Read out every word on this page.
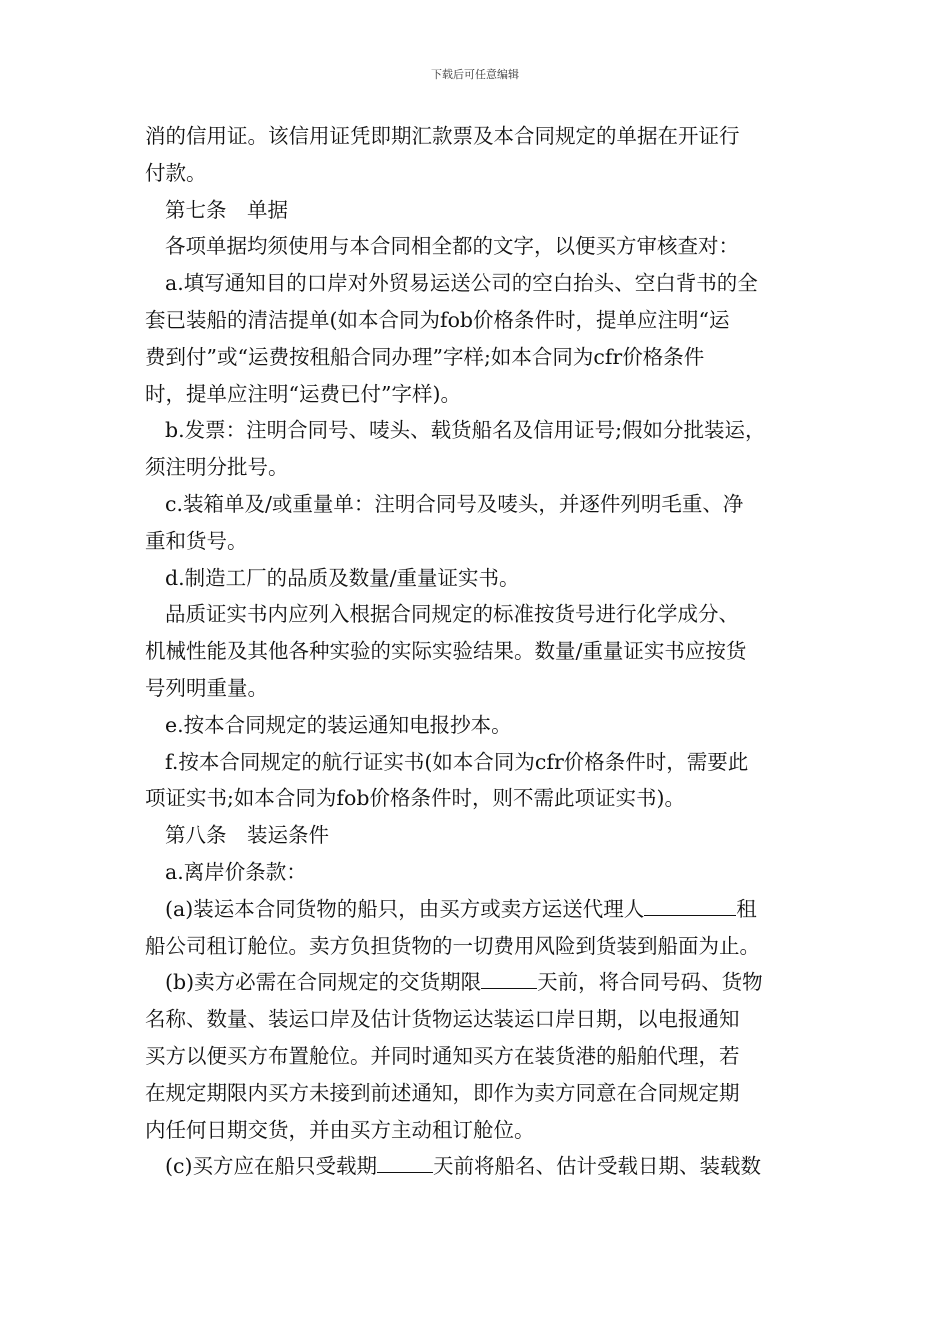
下载后可任意编辑

消的信用证。该信用证凭即期汇款票及本合同规定的单据在开证行

付款。

第七条　单据

各项单据均须使用与本合同相全都的文字，以便买方审核查对：

a.填写通知目的口岸对外贸易运送公司的空白抬头、空白背书的全

套已装船的清洁提单(如本合同为fob价格条件时，提单应注明“运

费到付”或“运费按租船合同办理”字样;如本合同为cfr价格条件

时，提单应注明“运费已付”字样)。

b.发票：注明合同号、唛头、载货船名及信用证号;假如分批装运，

须注明分批号。

c.装箱单及/或重量单：注明合同号及唛头，并逐件列明毛重、净

重和货号。

d.制造工厂的品质及数量/重量证实书。

品质证实书内应列入根据合同规定的标准按货号进行化学成分、

机械性能及其他各种实验的实际实验结果。数量/重量证实书应按货

号列明重量。

e.按本合同规定的装运通知电报抄本。

f.按本合同规定的航行证实书(如本合同为cfr价格条件时，需要此

项证实书;如本合同为fob价格条件时，则不需此项证实书)。

第八条　装运条件

a.离岸价条款：

(a)装运本合同货物的船只，由买方或卖方运送代理人	租

船公司租订舱位。卖方负担货物的一切费用风险到货装到船面为止。

(b)卖方必需在合同规定的交货期限	天前，将合同号码、货物

名称、数量、装运口岸及估计货物运达装运口岸日期，以电报通知

买方以便买方布置舱位。并同时通知买方在装货港的船舶代理，若

在规定期限内买方未接到前述通知，即作为卖方同意在合同规定期

内任何日期交货，并由买方主动租订舱位。

(c)买方应在船只受载期	天前将船名、估计受载日期、装载数
